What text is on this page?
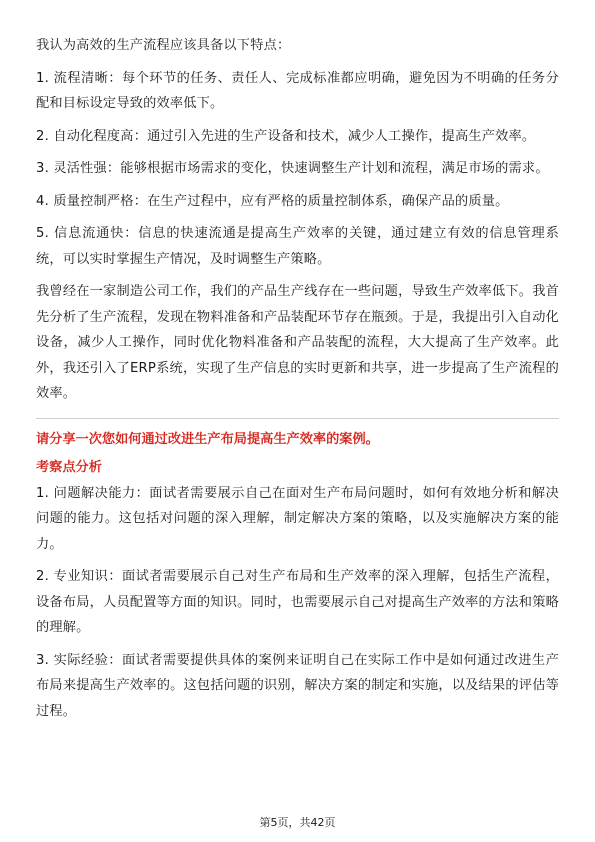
我认为高效的生产流程应该具备以下特点：

1. 流程清晰：每个环节的任务、责任人、完成标准都应明确，避免因为不明确的任务分配和目标设定导致的效率低下。

2. 自动化程度高：通过引入先进的生产设备和技术，减少人工操作，提高生产效率。

3. 灵活性强：能够根据市场需求的变化，快速调整生产计划和流程，满足市场的需求。

4. 质量控制严格：在生产过程中，应有严格的质量控制体系，确保产品的质量。

5. 信息流通快：信息的快速流通是提高生产效率的关键，通过建立有效的信息管理系统，可以实时掌握生产情况，及时调整生产策略。

我曾经在一家制造公司工作，我们的产品生产线存在一些问题，导致生产效率低下。我首先分析了生产流程，发现在物料准备和产品装配环节存在瓶颈。于是，我提出引入自动化设备，减少人工操作，同时优化物料准备和产品装配的流程，大大提高了生产效率。此外，我还引入了ERP系统，实现了生产信息的实时更新和共享，进一步提高了生产流程的效率。

请分享一次您如何通过改进生产布局提高生产效率的案例。
考察点分析

1. 问题解决能力：面试者需要展示自己在面对生产布局问题时，如何有效地分析和解决问题的能力。这包括对问题的深入理解，制定解决方案的策略，以及实施解决方案的能力。

2. 专业知识：面试者需要展示自己对生产布局和生产效率的深入理解，包括生产流程，设备布局，人员配置等方面的知识。同时，也需要展示自己对提高生产效率的方法和策略的理解。

3. 实际经验：面试者需要提供具体的案例来证明自己在实际工作中是如何通过改进生产布局来提高生产效率的。这包括问题的识别，解决方案的制定和实施，以及结果的评估等过程。

第5页，共42页
